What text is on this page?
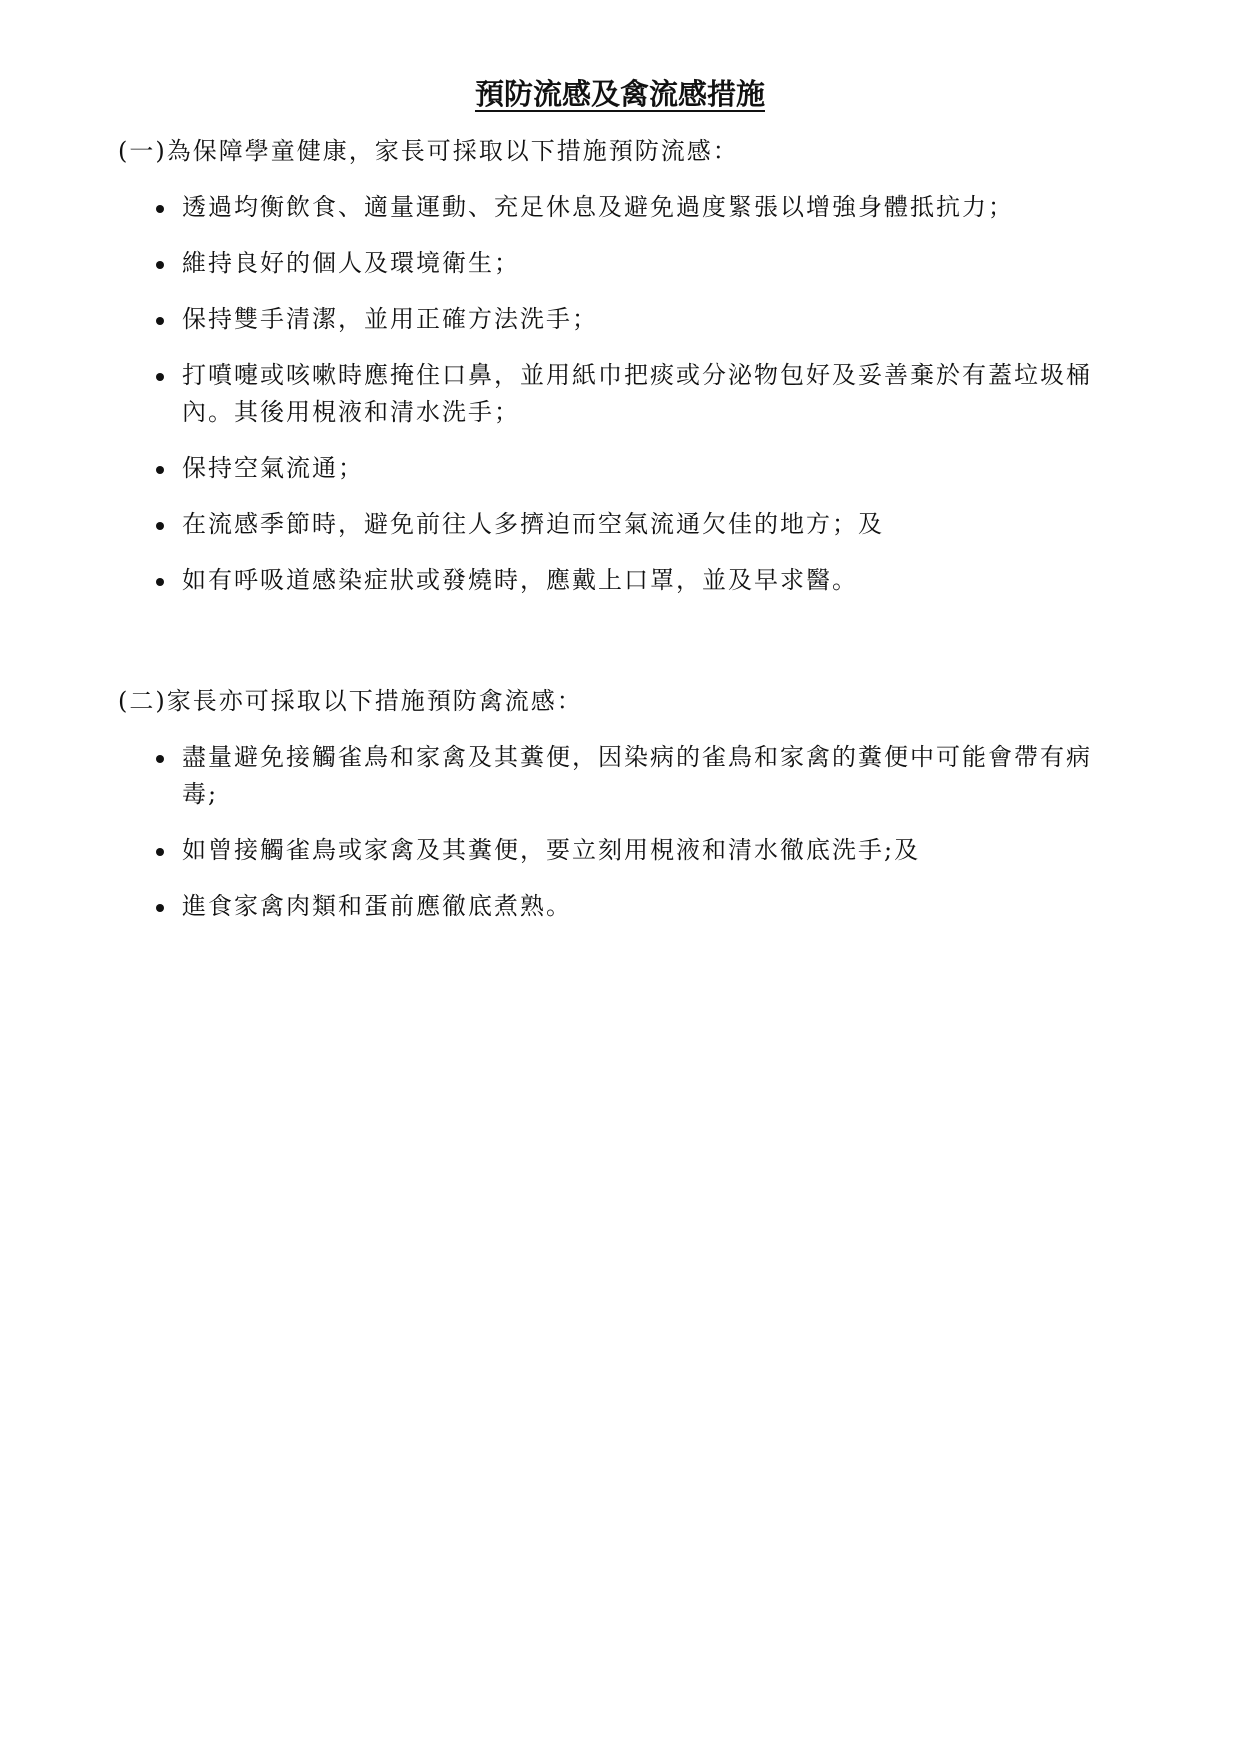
預防流感及禽流感措施
(一)為保障學童健康，家長可採取以下措施預防流感：
透過均衡飲食、適量運動、充足休息及避免過度緊張以增強身體抵抗力；
維持良好的個人及環境衛生；
保持雙手清潔，並用正確方法洗手；
打噴嚏或咳嗽時應掩住口鼻，並用紙巾把痰或分泌物包好及妥善棄於有蓋垃圾桶內。其後用梘液和清水洗手；
保持空氣流通；
在流感季節時，避免前往人多擠迫而空氣流通欠佳的地方；及
如有呼吸道感染症狀或發燒時，應戴上口罩，並及早求醫。
(二)家長亦可採取以下措施預防禽流感：
盡量避免接觸雀鳥和家禽及其糞便，因染病的雀鳥和家禽的糞便中可能會帶有病毒;
如曾接觸雀鳥或家禽及其糞便，要立刻用梘液和清水徹底洗手;及
進食家禽肉類和蛋前應徹底煮熟。
